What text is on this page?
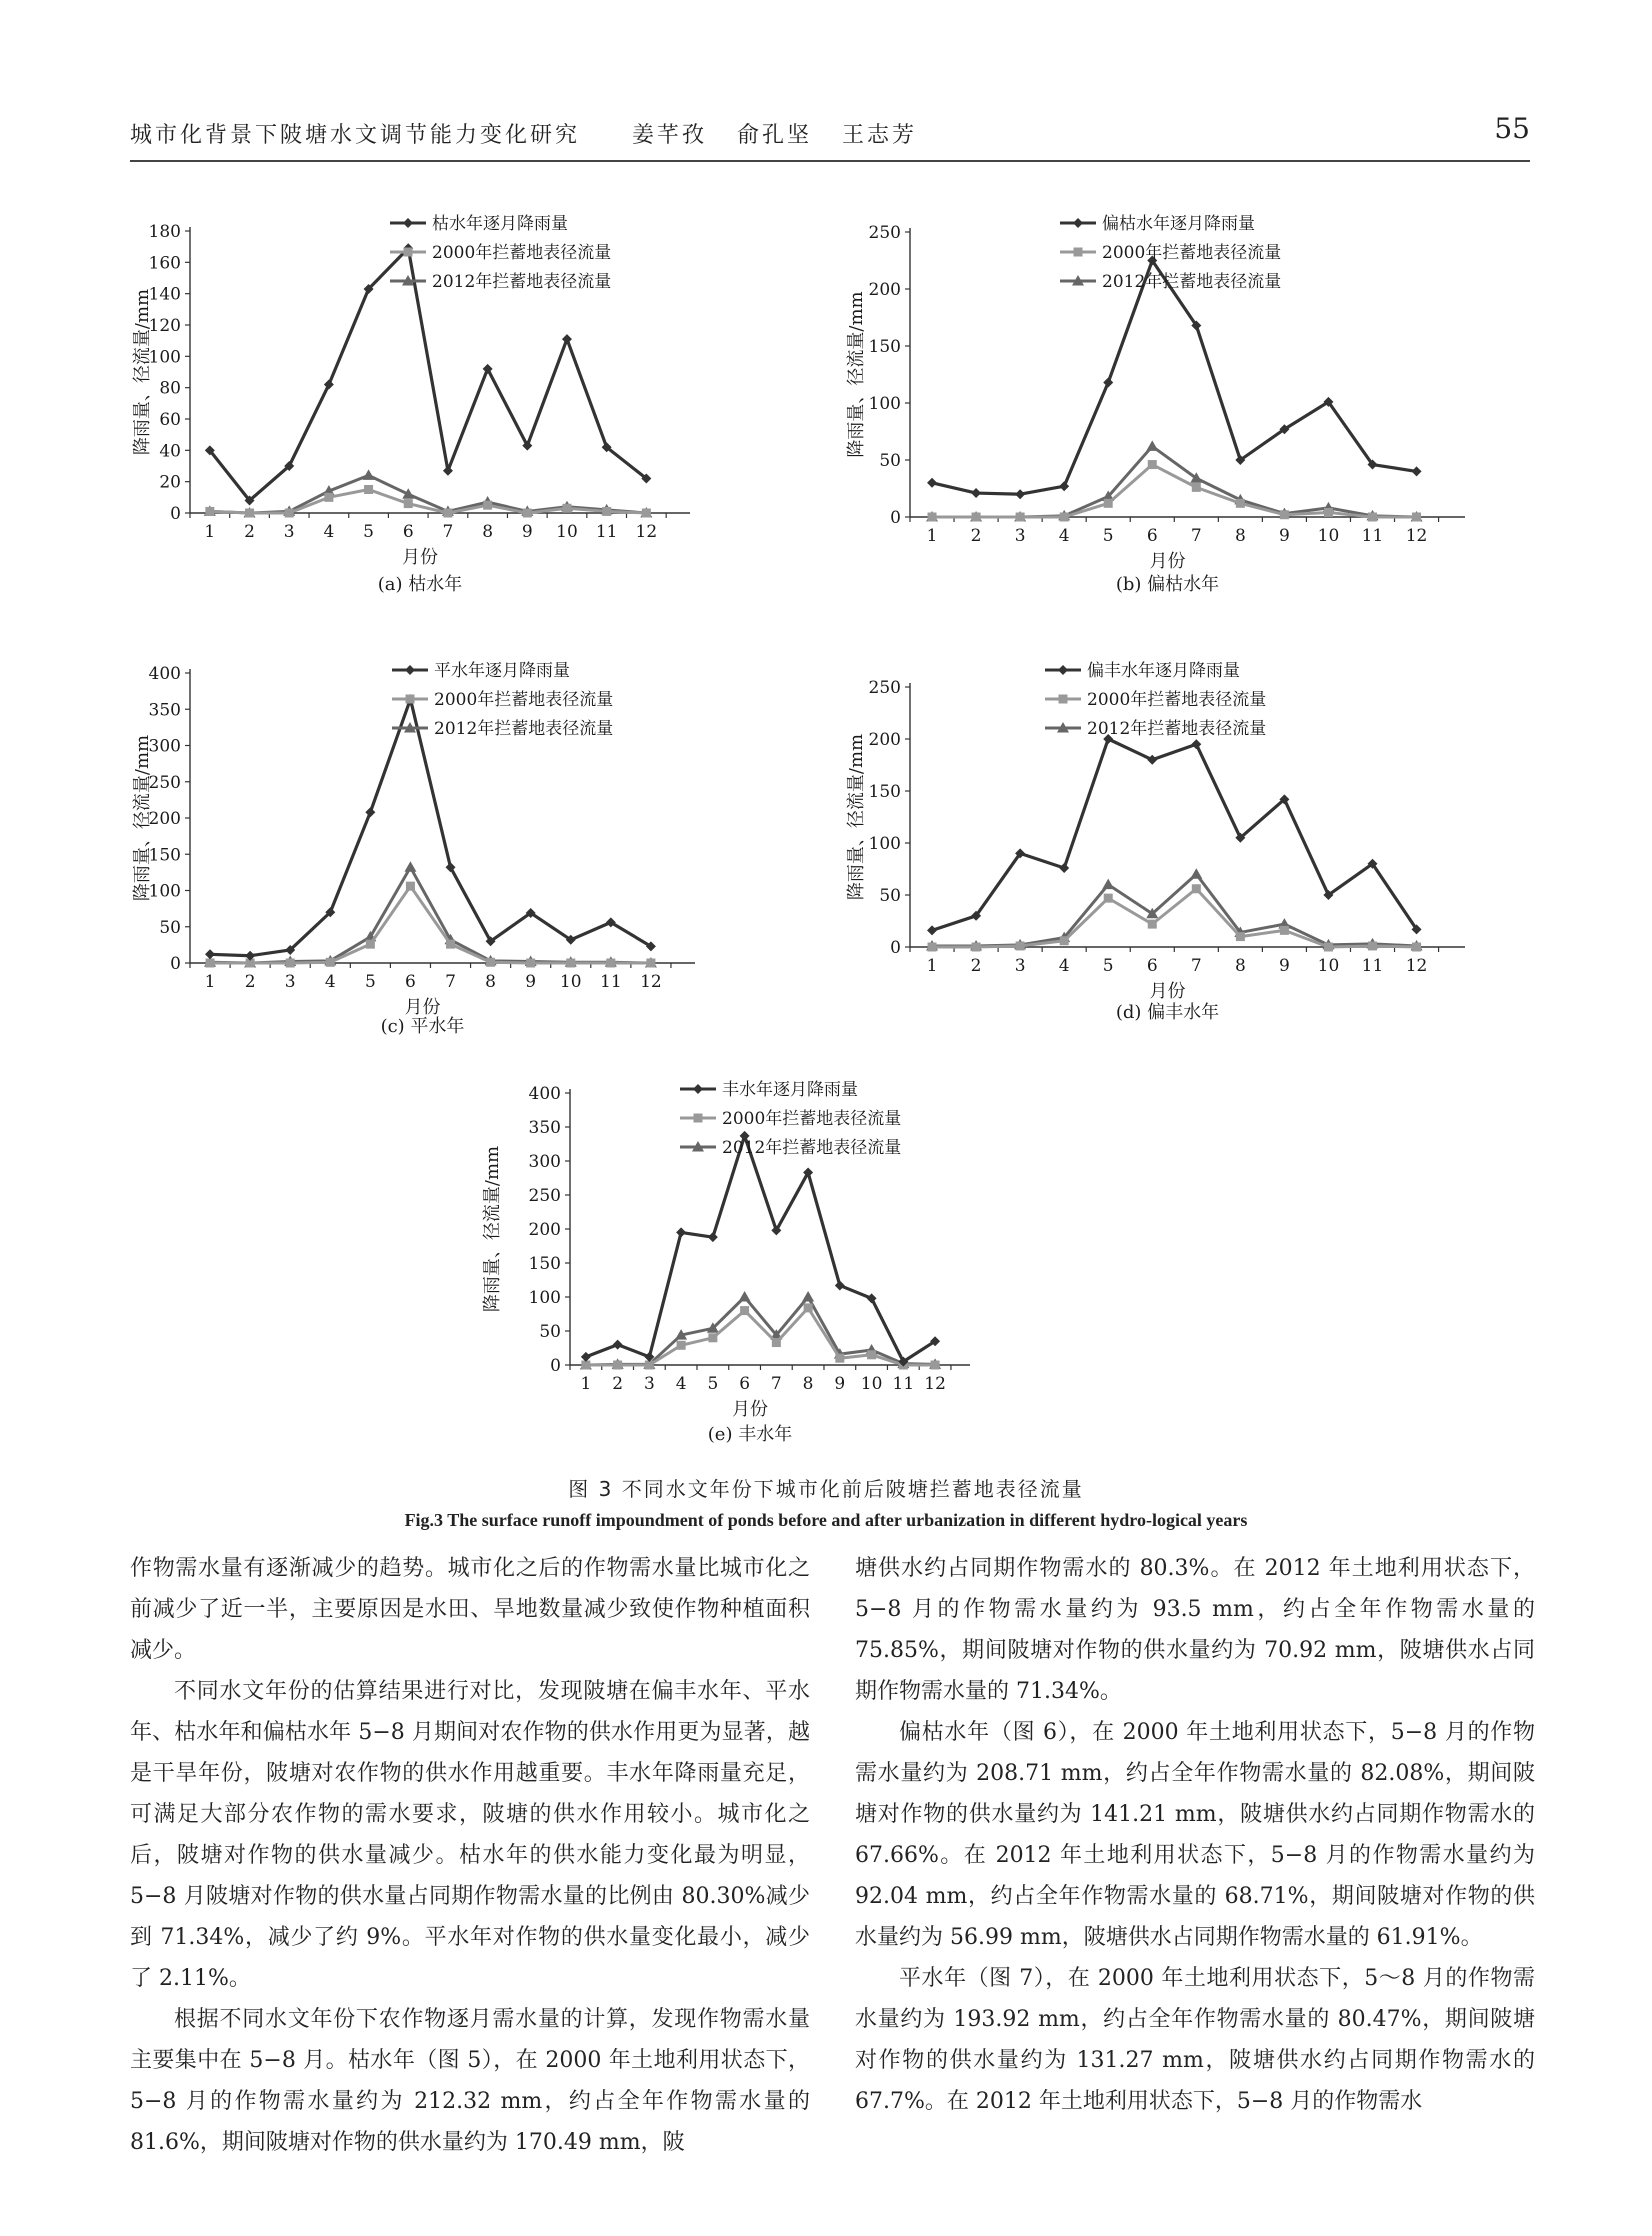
城市化背景下陂塘水文调节能力变化研究 姜芊孜   俞孔坚   王志芳	55
0
20
40
60
80
100
120
140
160
180
1 2 3 4 5 6 7 8 9 10 11 12
月份
降雨量、径流量/mm
(a) 枯水年
枯水年逐月降雨量
2000年拦蓄地表径流量
2012年拦蓄地表径流量
0
50
100
150
200
250
1 2 3 4 5 6 7 8 9 10 11 12
月份
降雨量、径流量/mm
(b) 偏枯水年
偏枯水年逐月降雨量
2000年拦蓄地表径流量
2012年拦蓄地表径流量
0
50
100
150
200
250
300
350
400
1 2 3 4 5 6 7 8 9 10 11 12
月份
降雨量、径流量/mm
(c) 平水年
平水年逐月降雨量
2000年拦蓄地表径流量
2012年拦蓄地表径流量
0
50
100
150
200
250
1 2 3 4 5 6 7 8 9 10 11 12
月份
降雨量、径流量/mm
(d) 偏丰水年
偏丰水年逐月降雨量
2000年拦蓄地表径流量
2012年拦蓄地表径流量
0
50
100
150
200
250
300
350
400
1 2 3 4 5 6 7 8 9 10 11 12
月份
降雨量、径流量/mm
(e) 丰水年
丰水年逐月降雨量
2000年拦蓄地表径流量
2012年拦蓄地表径流量
图 3 不同水文年份下城市化前后陂塘拦蓄地表径流量
Fig.3 The surface runoff impoundment of ponds before and after urbanization in different hydro-logical years

作物需水量有逐渐减少的趋势。城市化之后的作物需水量比城市化之前减少了近一半，主要原因是水田、旱地数量减少致使作物种植面积减少。

不同水文年份的估算结果进行对比，发现陂塘在偏丰水年、平水年、枯水年和偏枯水年 5−8 月期间对农作物的供水作用更为显著，越是干旱年份，陂塘对农作物的供水作用越重要。丰水年降雨量充足，可满足大部分农作物的需水要求，陂塘的供水作用较小。城市化之后，陂塘对作物的供水量减少。枯水年的供水能力变化最为明显，5−8 月陂塘对作物的供水量占同期作物需水量的比例由 80.30%减少到 71.34%，减少了约 9%。平水年对作物的供水量变化最小，减少了 2.11%。

根据不同水文年份下农作物逐月需水量的计算，发现作物需水量主要集中在 5−8 月。枯水年（图 5），在 2000 年土地利用状态下，5−8 月的作物需水量约为 212.32 mm，约占全年作物需水量的 81.6%，期间陂塘对作物的供水量约为 170.49 mm，陂

塘供水约占同期作物需水的 80.3%。在 2012 年土地利用状态下，5−8 月的作物需水量约为 93.5 mm，约占全年作物需水量的 75.85%，期间陂塘对作物的供水量约为 70.92 mm，陂塘供水占同期作物需水量的 71.34%。

偏枯水年（图 6），在 2000 年土地利用状态下，5−8 月的作物需水量约为 208.71 mm，约占全年作物需水量的 82.08%，期间陂塘对作物的供水量约为 141.21 mm，陂塘供水约占同期作物需水的 67.66%。在 2012 年土地利用状态下，5−8 月的作物需水量约为 92.04 mm，约占全年作物需水量的 68.71%，期间陂塘对作物的供水量约为 56.99 mm，陂塘供水占同期作物需水量的 61.91%。

平水年（图 7），在 2000 年土地利用状态下，5～8 月的作物需水量约为 193.92 mm，约占全年作物需水量的 80.47%，期间陂塘对作物的供水量约为 131.27 mm，陂塘供水约占同期作物需水的 67.7%。在 2012 年土地利用状态下，5−8 月的作物需水
